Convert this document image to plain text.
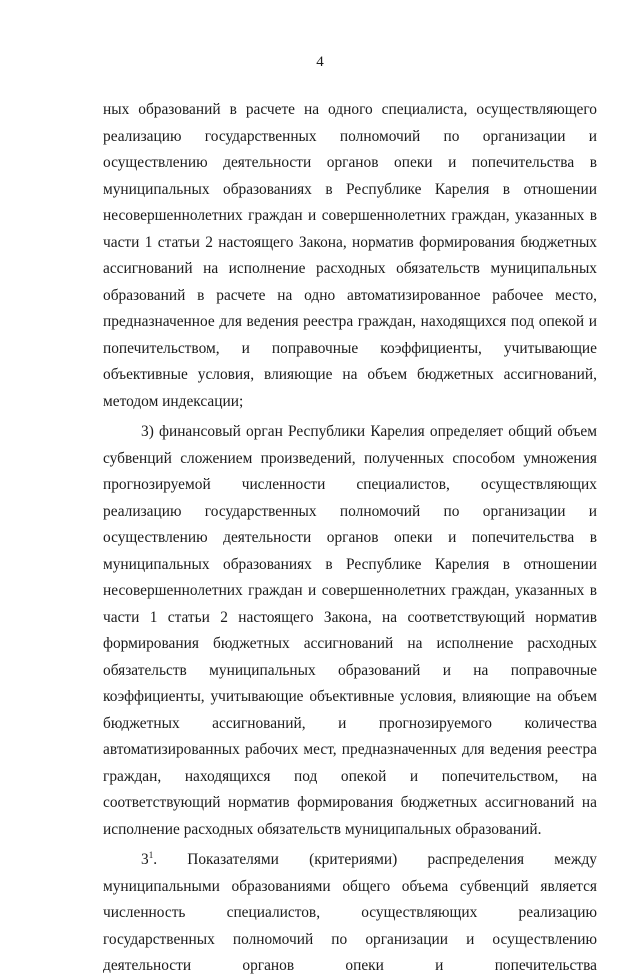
4

ных образований в расчете на одного специалиста, осуществляющего реализацию государственных полномочий по организации и осуществлению деятельности органов опеки и попечительства в муниципальных образованиях в Республике Карелия в отношении несовершеннолетних граждан и совершеннолетних граждан, указанных в части 1 статьи 2 настоящего Закона, норматив формирования бюджетных ассигнований на исполнение расходных обязательств муниципальных образований в расчете на одно автоматизированное рабочее место, предназначенное для ведения реестра граждан, находящихся под опекой и попечительством, и поправочные коэффициенты, учитывающие объективные условия, влияющие на объем бюджетных ассигнований, методом индексации;

3) финансовый орган Республики Карелия определяет общий объем субвенций сложением произведений, полученных способом умножения прогнозируемой численности специалистов, осуществляющих реализацию государственных полномочий по организации и осуществлению деятельности органов опеки и попечительства в муниципальных образованиях в Республике Карелия в отношении несовершеннолетних граждан и совершеннолетних граждан, указанных в части 1 статьи 2 настоящего Закона, на соответствующий норматив формирования бюджетных ассигнований на исполнение расходных обязательств муниципальных образований и на поправочные коэффициенты, учитывающие объективные условия, влияющие на объем бюджетных ассигнований, и прогнозируемого количества автоматизированных рабочих мест, предназначенных для ведения реестра граждан, находящихся под опекой и попечительством, на соответствующий норматив формирования бюджетных ассигнований на исполнение расходных обязательств муниципальных образований.

$3^1$. Показателями (критериями) распределения между муниципальными образованиями общего объема субвенций является численность специалистов, осуществляющих реализацию государственных полномочий по организации и осуществлению деятельности органов опеки и попечительства
